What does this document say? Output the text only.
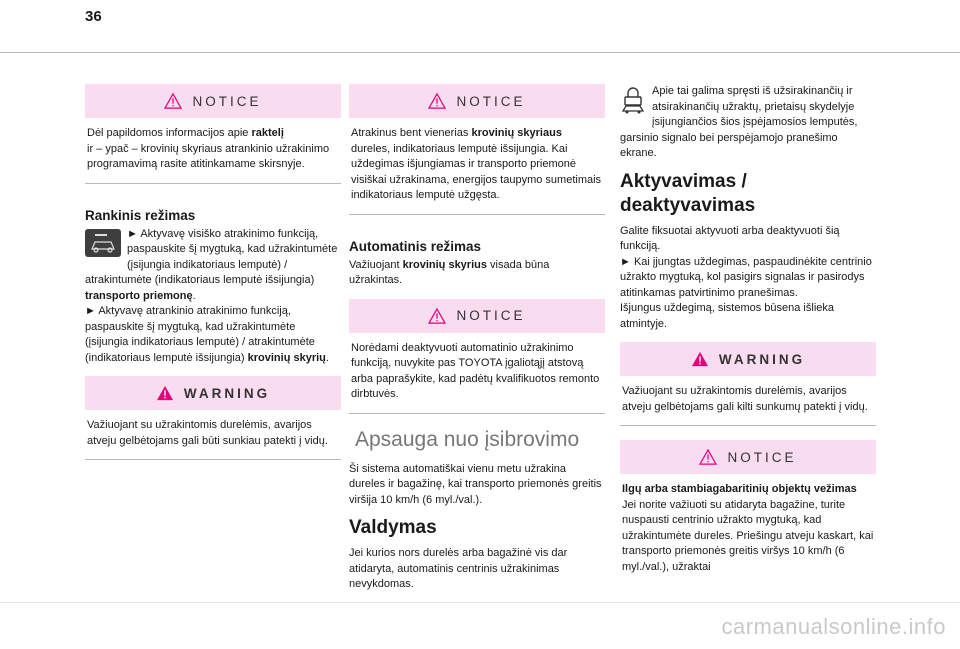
36
NOTICE
Dėl papildomos informacijos apie raktelį
ir – ypač – krovinių skyriaus atrankinio užrakinimo programavimą rasite atitinkamame skirsnyje.
Rankinis režimas

► Aktyvavę visiško atrakinimo funkciją, paspauskite šį mygtuką, kad užrakintumėte (įsijungia indikatoriaus lemputė) / atrakintumėte (indikatoriaus lemputė išsijungia) transporto priemonę.

► Aktyvavę atrankinio atrakinimo funkciją, paspauskite šį mygtuką, kad užrakintumėte (įsijungia indikatoriaus lemputė) / atrakintumėte (indikatoriaus lemputė išsijungia) krovinių skyrių.

WARNING
Važiuojant su užrakintomis durelėmis, avarijos atveju gelbėtojams gali būti sunkiau patekti į vidų.
NOTICE
Atrakinus bent vienerias krovinių skyriaus
dureles, indikatoriaus lemputė išsijungia. Kai uždegimas išjungiamas ir transporto priemonė visiškai užrakinama, energijos taupymo sumetimais indikatoriaus lemputė užgęsta.
Automatinis režimas

Važiuojant krovinių skyrius visada būna užrakintas.

NOTICE
Norėdami deaktyvuoti automatinio užrakinimo funkciją, nuvykite pas TOYOTA įgaliotąjį atstovą arba paprašykite, kad padėtų kvalifikuotos remonto dirbtuvės.
Apsauga nuo įsibrovimo

Ši sistema automatiškai vienu metu užrakina dureles ir bagažinę, kai transporto priemonės greitis viršija 10 km/h (6 myl./val.).

Valdymas

Jei kurios nors durelės arba bagažinė vis dar atidaryta, automatinis centrinis užrakinimas nevykdomas.

Apie tai galima spręsti iš užsirakinančių ir atsirakinančių užraktų, prietaisų skydelyje įsijungiančios šios įspėjamosios lemputės, garsinio signalo bei perspėjamojo pranešimo ekrane.

Aktyvavimas / deaktyvavimas

Galite fiksuotai aktyvuoti arba deaktyvuoti šią funkciją.

► Kai įjungtas uždegimas, paspaudinėkite centrinio užrakto mygtuką, kol pasigirs signalas ir pasirodys atitinkamas patvirtinimo pranešimas.

Išjungus uždegimą, sistemos būsena išlieka atmintyje.

WARNING
Važiuojant su užrakintomis durelėmis, avarijos atveju gelbėtojams gali kilti sunkumų patekti į vidų.
NOTICE
Ilgų arba stambiagabaritinių objektų vežimas
Jei norite važiuoti su atidaryta bagažine, turite nuspausti centrinio užrakto mygtuką, kad užrakintumėte dureles. Priešingu atveju kaskart, kai transporto priemonės greitis viršys 10 km/h (6 myl./val.), užraktai
carmanualsonline.info
